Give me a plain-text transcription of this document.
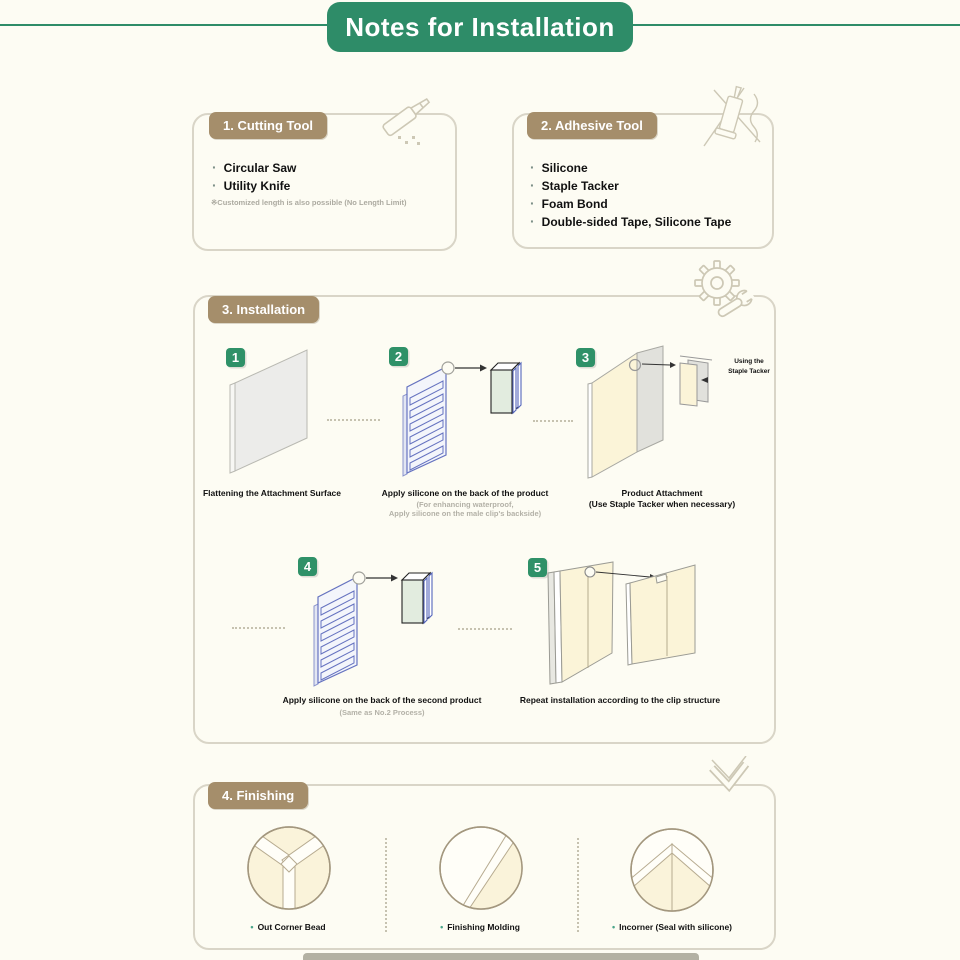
Notes for Installation
1. Cutting Tool
· Circular Saw
· Utility Knife
※Customized length is also possible (No Length Limit)
2. Adhesive Tool
· Silicone
· Staple Tacker
· Foam Bond
· Double-sided Tape, Silicone Tape
3. Installation
1	2	3
4	5
Using the
Staple Tacker
Flattening the Attachment Surface	Apply silicone on the back of the product
(For enhancing waterproof,
Apply silicone on the male clip's backside)
Product Attachment
(Use Staple Tacker when necessary)
Apply silicone on the back of the second product
(Same as No.2 Process)
Repeat installation according to the clip structure
4. Finishing
• Out Corner Bead	• Finishing Molding	• Incorner (Seal with silicone)
